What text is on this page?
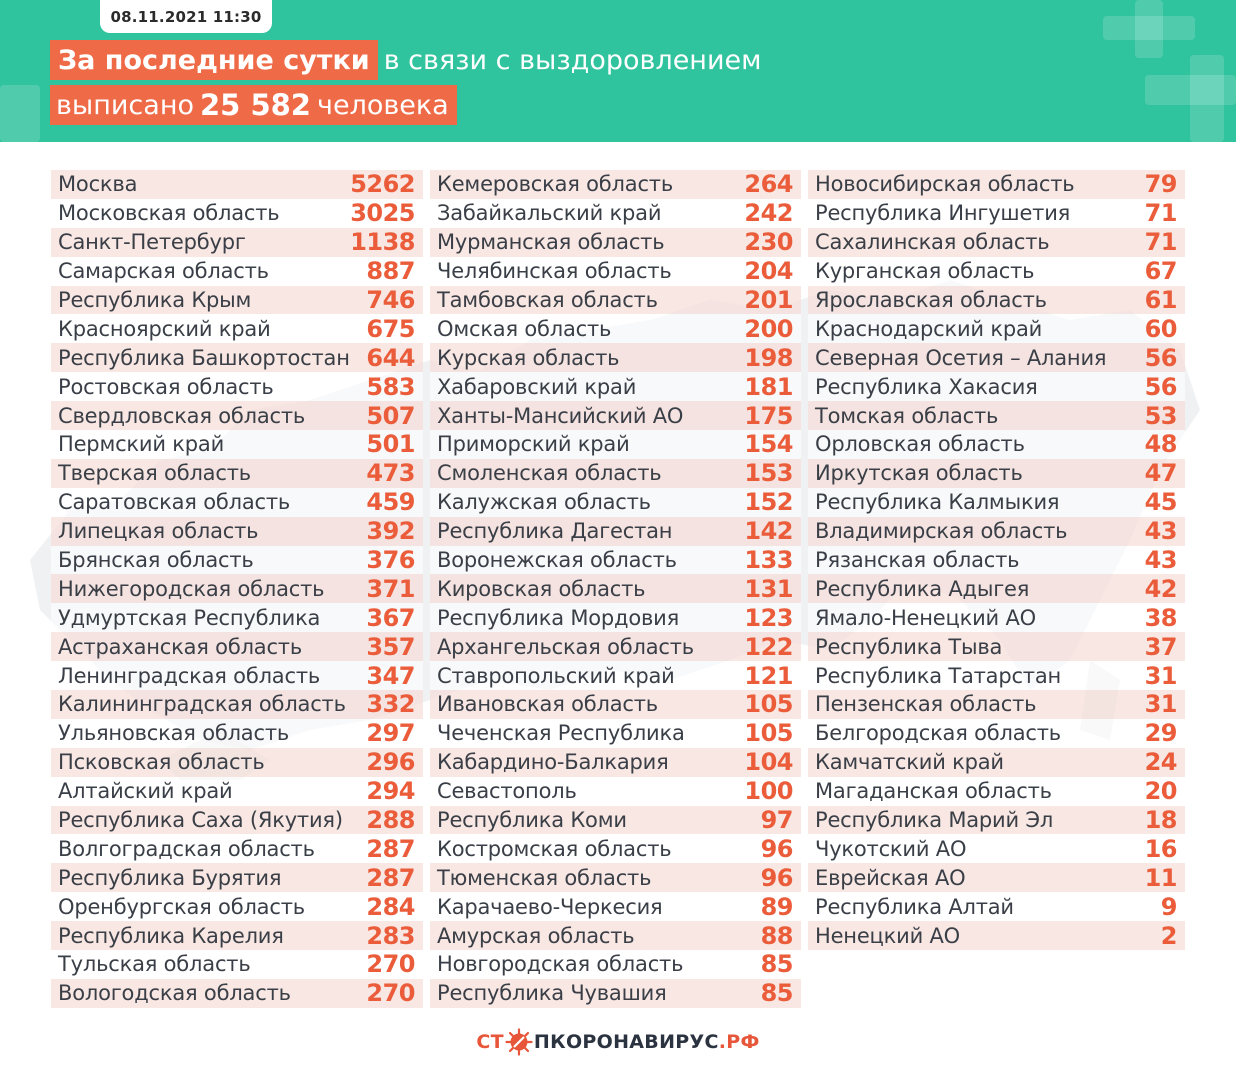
08.11.2021 11:30
За последние сутки в связи с выздоровлением
выписано 25 582 человека
Москва	5262
Московская область	3025
Санкт-Петербург	1138
Самарская область	887
Республика Крым	746
Красноярский край	675
Республика Башкортостан 644
Ростовская область	583
Свердловская область	507
Пермский край	501
Тверская область	473
Саратовская область	459
Липецкая область	392
Брянская область	376
Нижегородская область 371
Удмуртская Республика 367
Астраханская область	357
Ленинградская область 347
Калининградская область 332
Ульяновская область	297
Псковская область	296
Алтайский край	294
Республика Саха (Якутия) 288
Волгоградская область 287
Республика Бурятия	287
Оренбургская область	284
Республика Карелия	283
Тульская область	270
Вологодская область	270
Кемеровская область	264
Забайкальский край	242
Мурманская область	230
Челябинская область	204
Тамбовская область	201
Омская область	200
Курская область	198
Хабаровский край	181
Ханты-Мансийский АО	175
Приморский край	154
Смоленская область	153
Калужская область	152
Республика Дагестан	142
Воронежская область	133
Кировская область	131
Республика Мордовия	123
Архангельская область 122
Ставропольский край	121
Ивановская область	105
Чеченская Республика 105
Кабардино-Балкария	104
Севастополь	100
Республика Коми	97
Костромская область	96
Тюменская область	96
Карачаево-Черкесия	89
Амурская область	88
Новгородская область	85
Республика Чувашия	85
Новосибирская область	79
Республика Ингушетия	71
Сахалинская область	71
Курганская область	67
Ярославская область	61
Краснодарский край	60
Северная Осетия – Алания 56
Республика Хакасия	56
Томская область	53
Орловская область	48
Иркутская область	47
Республика Калмыкия	45
Владимирская область	43
Рязанская область	43
Республика Адыгея	42
Ямало-Ненецкий АО	38
Республика Тыва	37
Республика Татарстан	31
Пензенская область	31
Белгородская область	29
Камчатский край	24
Магаданская область	20
Республика Марий Эл	18
Чукотский АО	16
Еврейская АО	11
Республика Алтай	9
Ненецкий АО	2
СТ ПКОРОНАВИРУС .РФ
